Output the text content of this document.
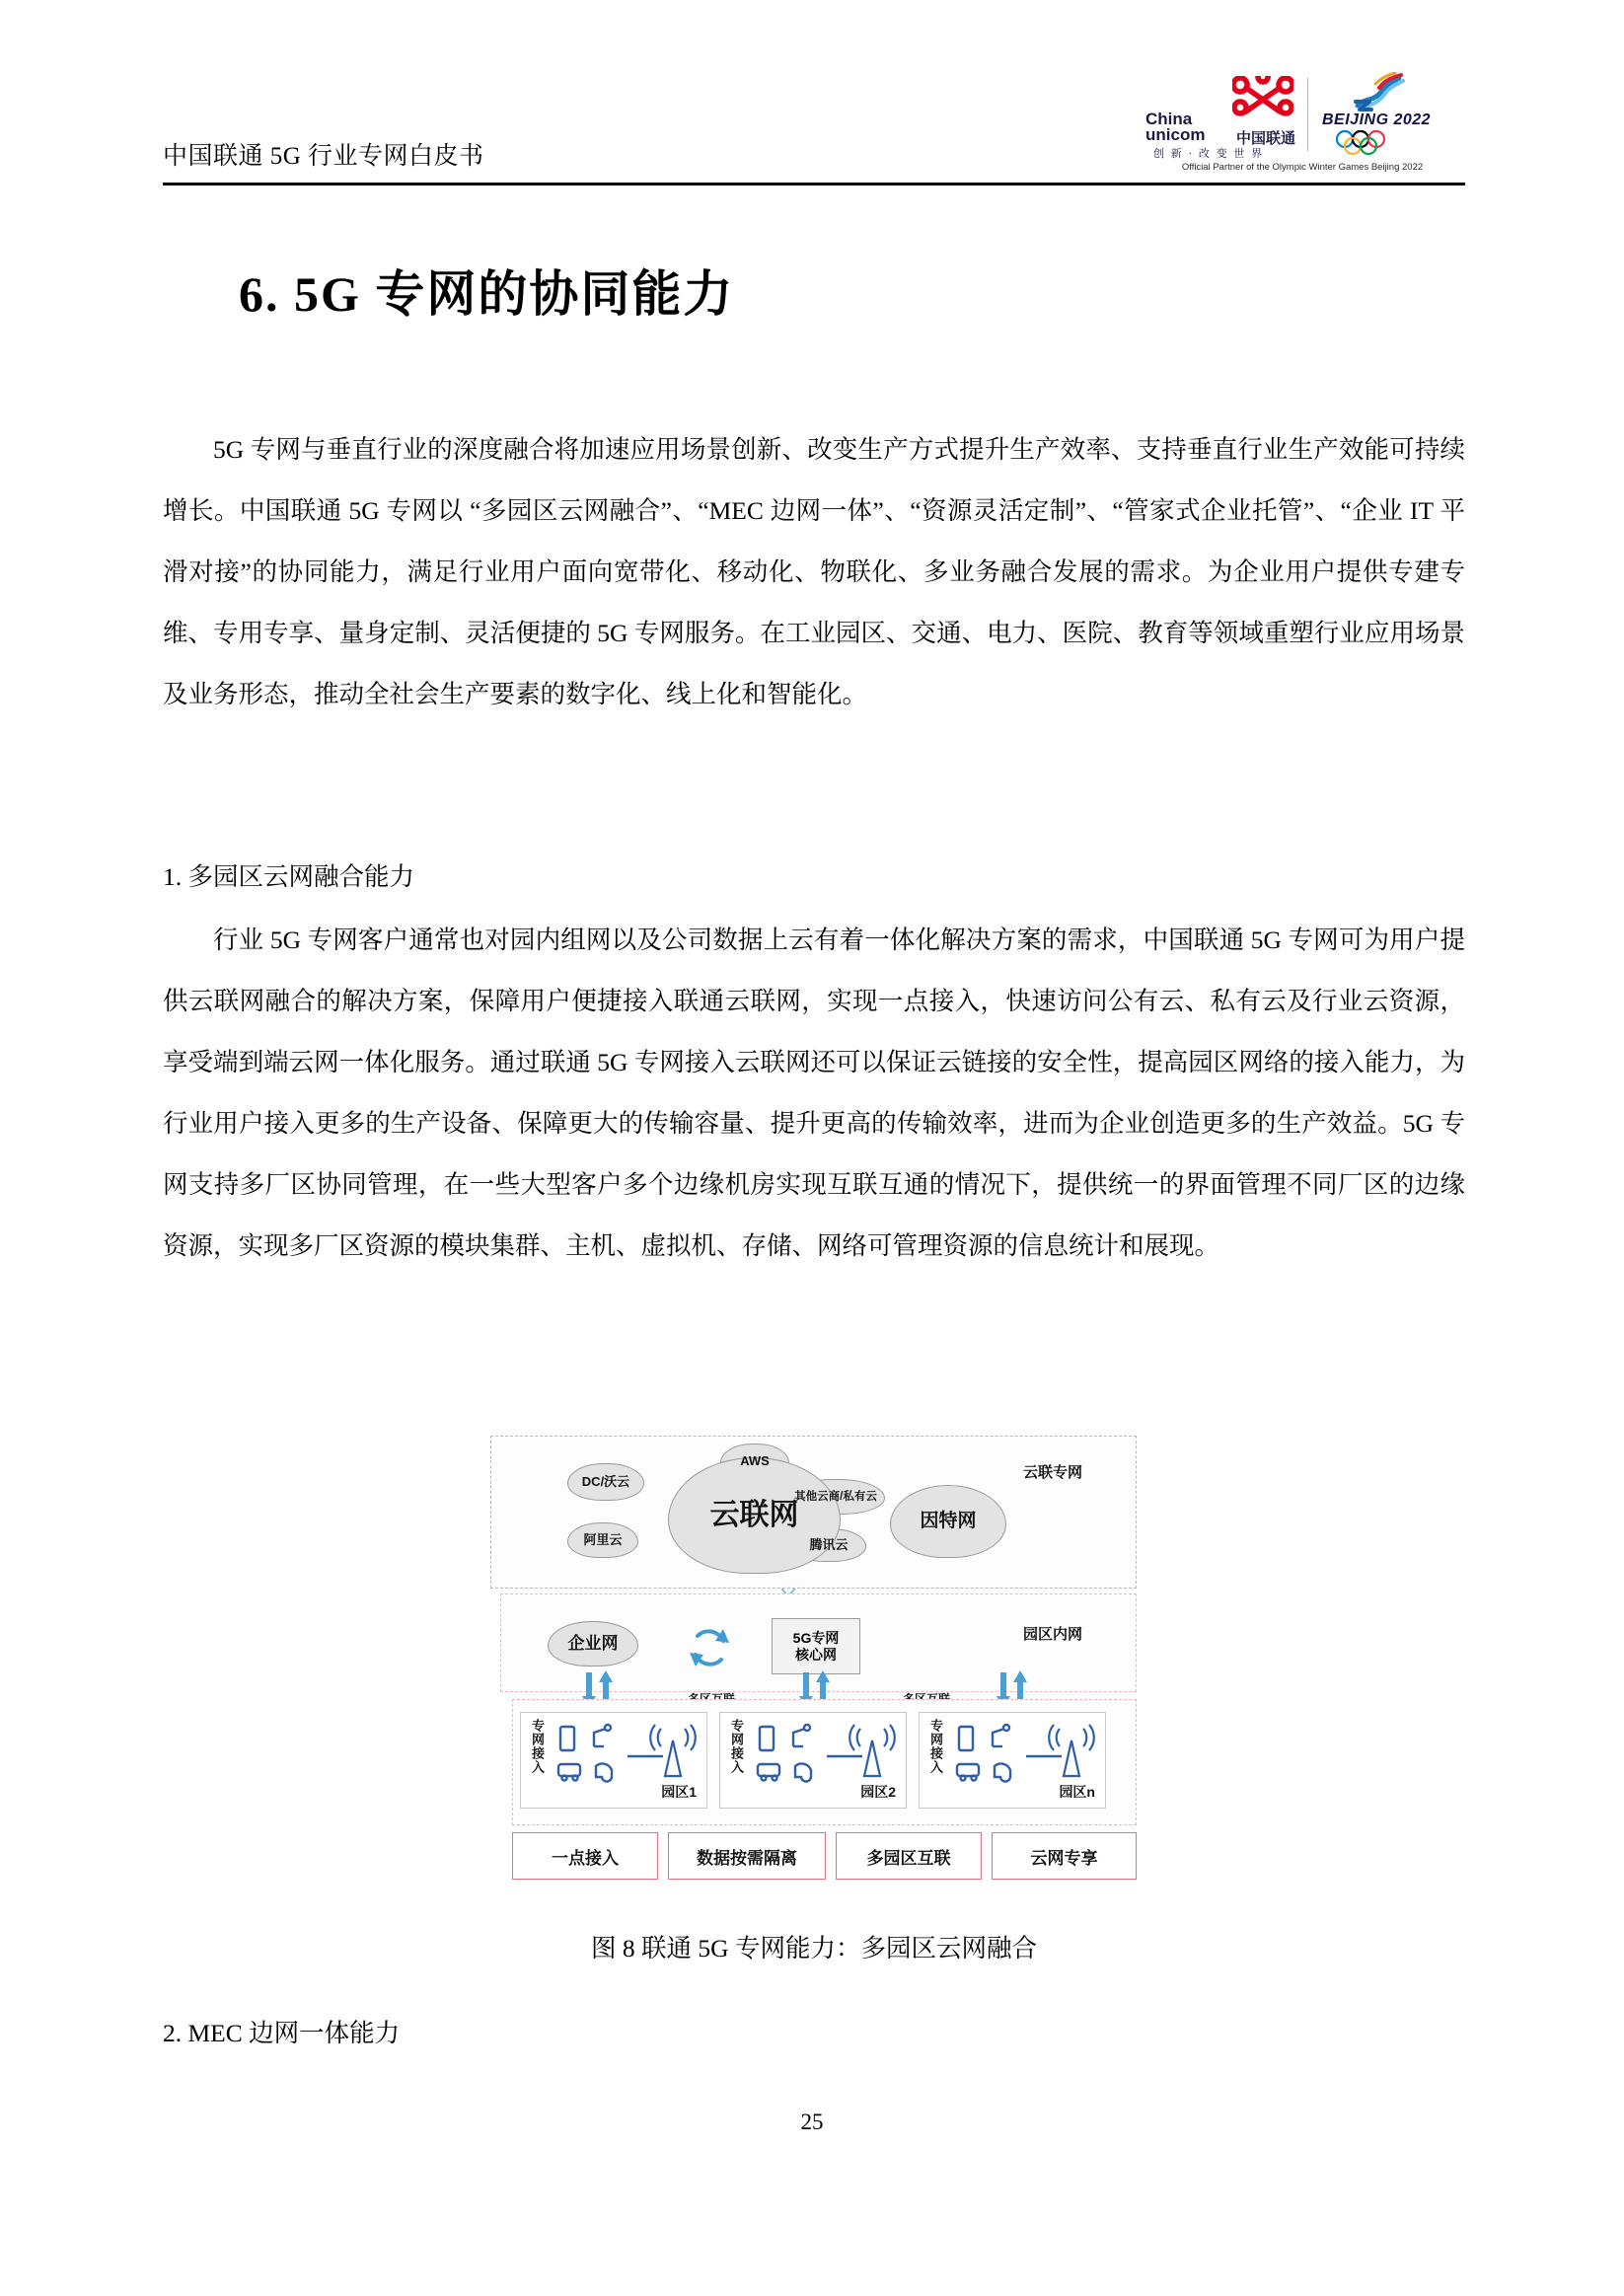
中国联通 5G 行业专网白皮书
China
unicom 中国联通
创 新 · 改 变 世 界
BEIJING 2022
Official Partner of the Olympic Winter Games Beijing 2022
6. 5G 专网的协同能力

5G 专网与垂直行业的深度融合将加速应用场景创新、改变生产方式提升生产效率、支持垂直行业生产效能可持续增长。中国联通 5G 专网以 “多园区云网融合”、“MEC 边网一体”、“资源灵活定制”、“管家式企业托管”、“企业 IT 平滑对接”的协同能力，满足行业用户面向宽带化、移动化、物联化、多业务融合发展的需求。为企业用户提供专建专维、专用专享、量身定制、灵活便捷的 5G 专网服务。在工业园区、交通、电力、医院、教育等领域重塑行业应用场景及业务形态，推动全社会生产要素的数字化、线上化和智能化。

1. 多园区云网融合能力

行业 5G 专网客户通常也对园内组网以及公司数据上云有着一体化解决方案的需求，中国联通 5G 专网可为用户提供云联网融合的解决方案，保障用户便捷接入联通云联网，实现一点接入，快速访问公有云、私有云及行业云资源，享受端到端云网一体化服务。通过联通 5G 专网接入云联网还可以保证云链接的安全性，提高园区网络的接入能力，为行业用户接入更多的生产设备、保障更大的传输容量、提升更高的传输效率，进而为企业创造更多的生产效益。5G 专网支持多厂区协同管理，在一些大型客户多个边缘机房实现互联互通的情况下，提供统一的界面管理不同厂区的边缘资源，实现多厂区资源的模块集群、主机、虚拟机、存储、网络可管理资源的信息统计和展现。

云联专网
DC/沃云
阿里云
AWS
其他云商/私有云
腾讯云
云联网	因特网
园区内网
企业网	5G专网
核心网
专网接入
园区1
专网接入
园区2
专网接入
园区n
一点接入	数据按需隔离	多园区互联	云网专享
图 8 联通 5G 专网能力：多园区云网融合
2. MEC 边网一体能力
25
